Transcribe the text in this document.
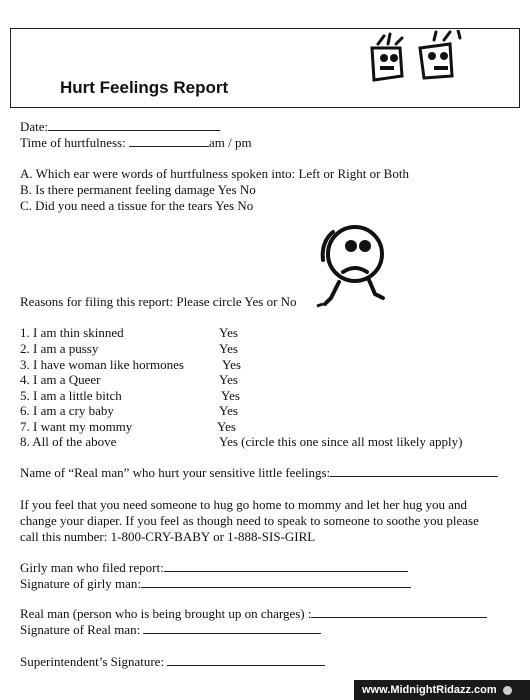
Hurt Feelings Report
Date:
Time of hurtfulness:	am / pm
A. Which ear were words of hurtfulness spoken into: Left or Right or Both
B. Is there permanent feeling damage Yes No
C. Did you need a tissue for the tears Yes No
Reasons for filing this report: Please circle Yes or No
1. I am thin skinned	Yes
2. I am a pussy	Yes
3. I have woman like hormones	Yes
4. I am a Queer	Yes
5. I am a little bitch	Yes
6. I am a cry baby	Yes
7. I want my mommy	Yes
8. All of the above	Yes (circle this one since all most likely apply)
Name of “Real man” who hurt your sensitive little feelings:
If you feel that you need someone to hug go home to mommy and let her hug you and
change your diaper. If you feel as though need to speak to someone to soothe you please
call this number: 1-800-CRY-BABY or 1-888-SIS-GIRL
Girly man who filed report:
Signature of girly man:
Real man (person who is being brought up on charges) :
Signature of Real man:
Superintendent’s Signature:
www.MidnightRidazz.com
